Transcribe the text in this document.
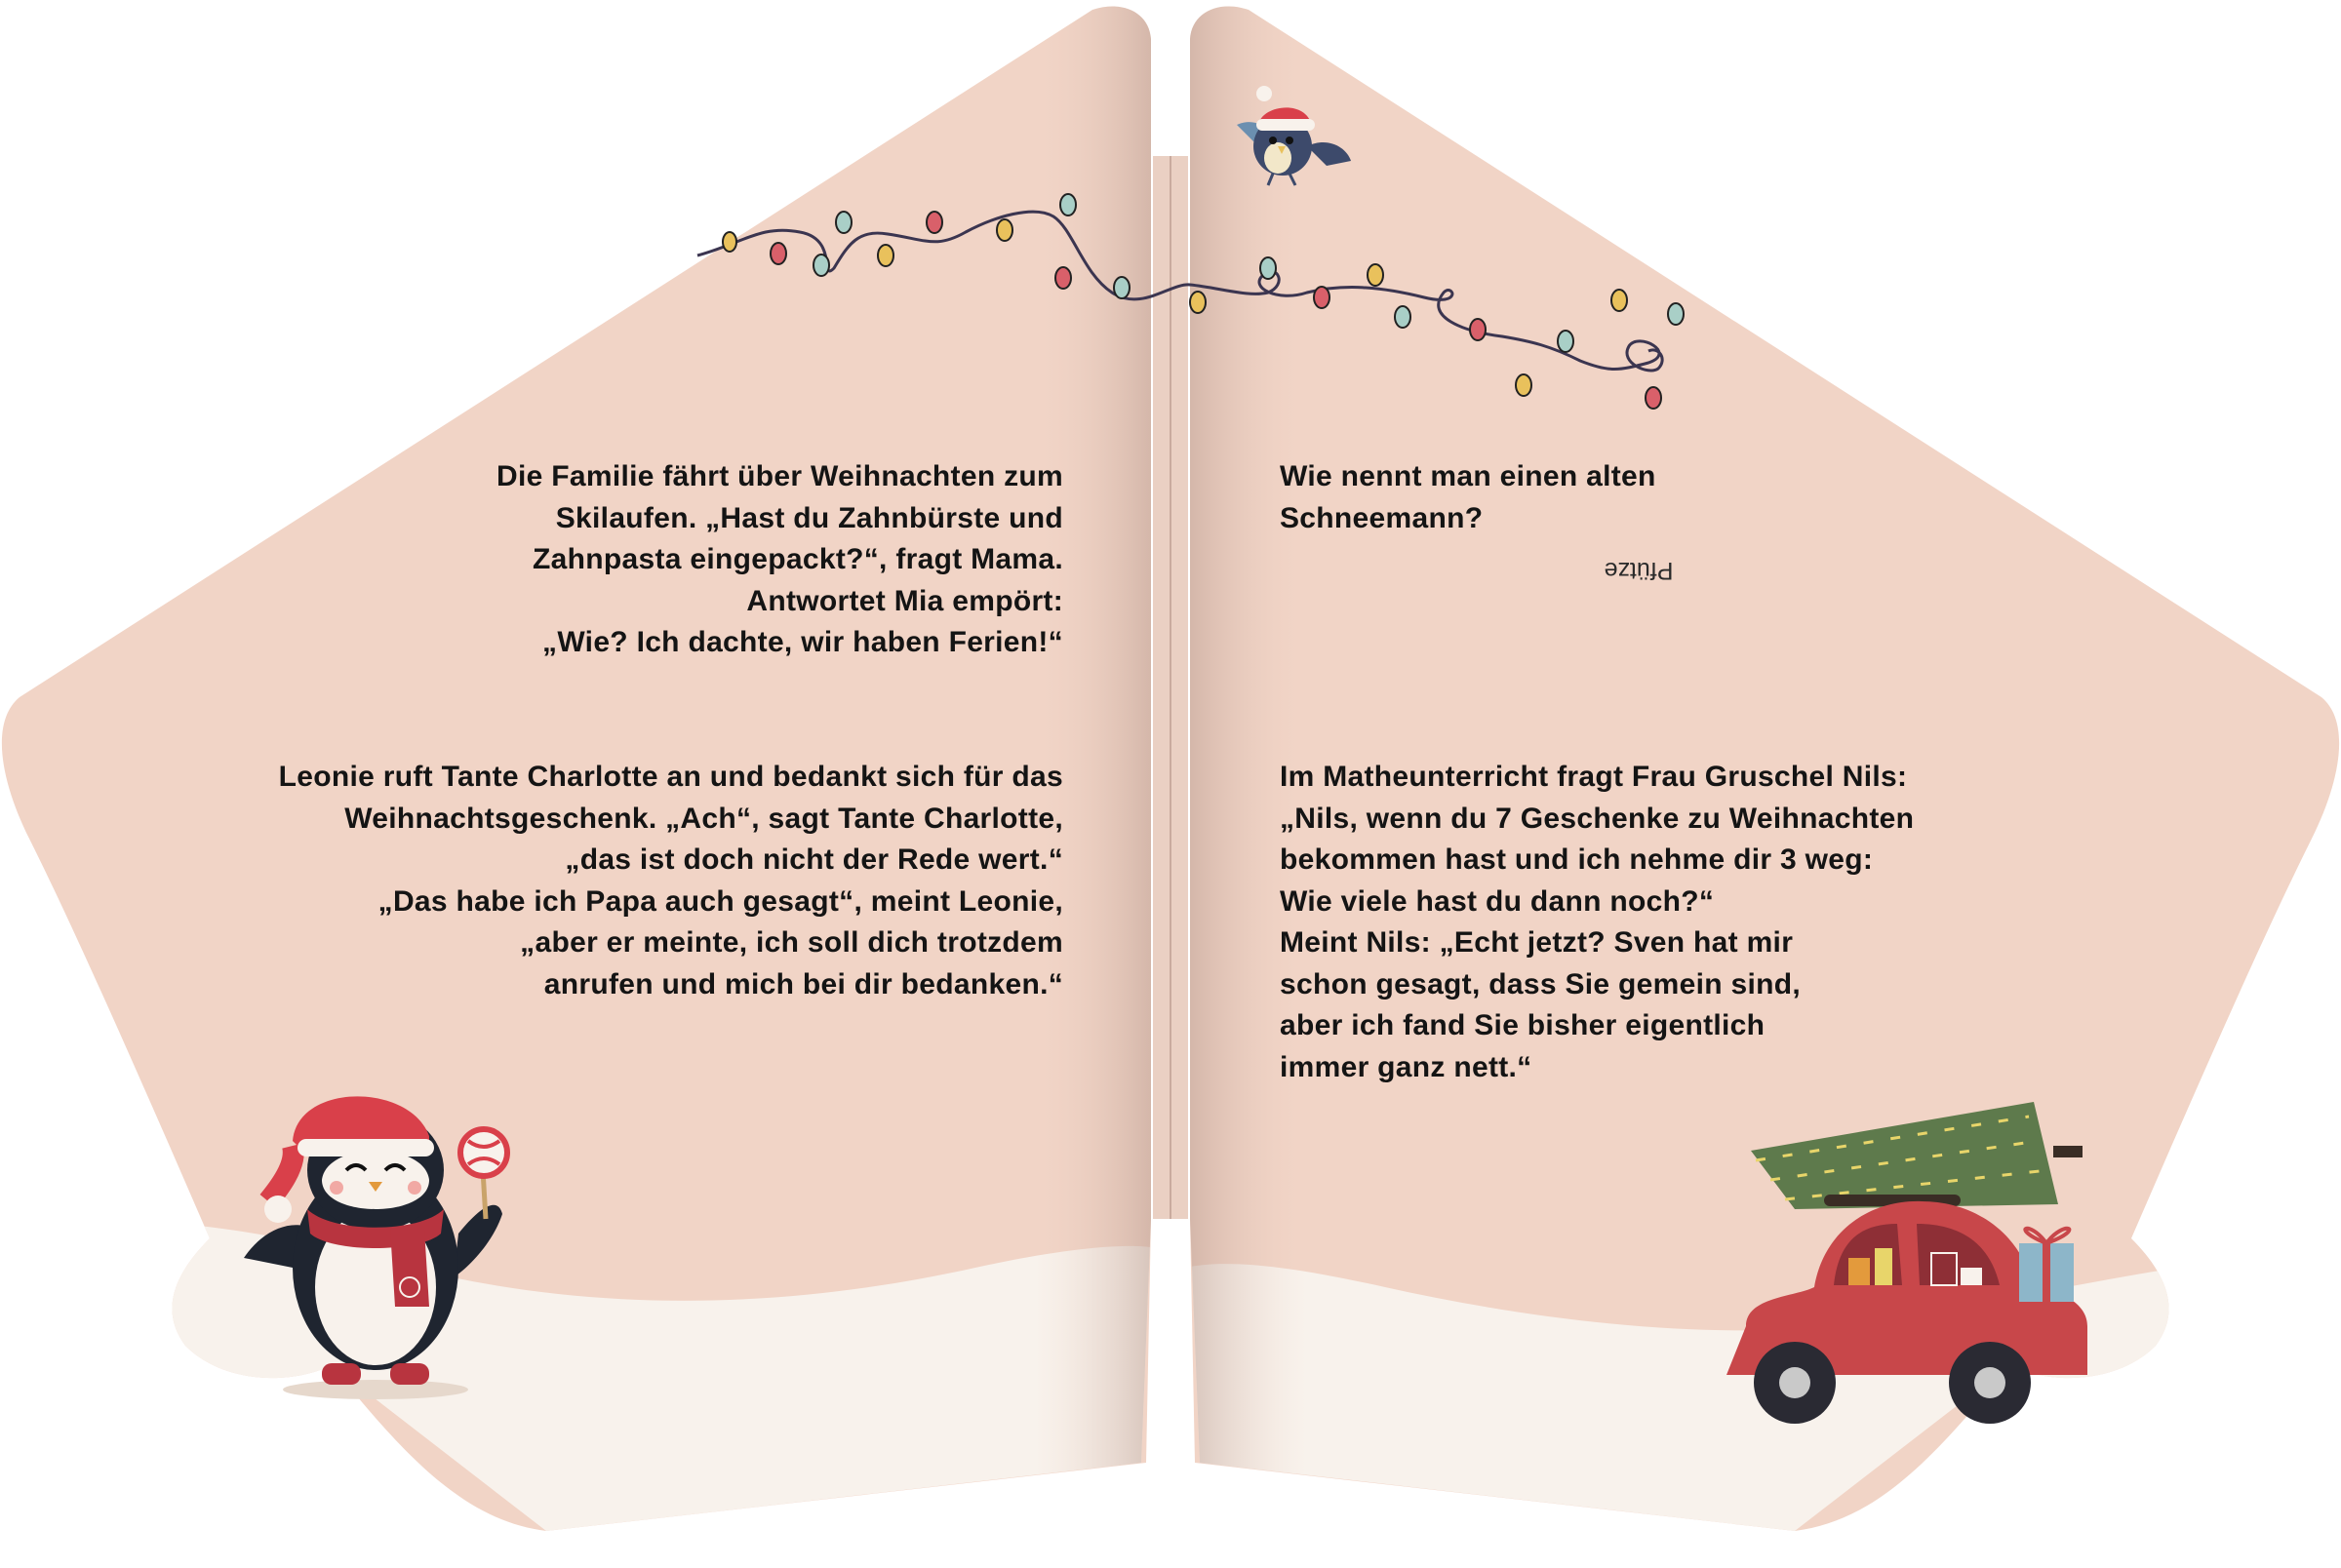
Die Familie fährt über Weihnachten zum
Skilaufen. „Hast du Zahnbürste und
Zahnpasta eingepackt?“, fragt Mama.
Antwortet Mia empört:
„Wie? Ich dachte, wir haben Ferien!“
Leonie ruft Tante Charlotte an und bedankt sich für das
Weihnachtsgeschenk. „Ach“, sagt Tante Charlotte,
„das ist doch nicht der Rede wert.“
„Das habe ich Papa auch gesagt“, meint Leonie,
„aber er meinte, ich soll dich trotzdem
anrufen und mich bei dir bedanken.“
Wie nennt man einen alten
Schneemann?
Pfütze
Im Matheunterricht fragt Frau Gruschel Nils:
„Nils, wenn du 7 Geschenke zu Weihnachten
bekommen hast und ich nehme dir 3 weg:
Wie viele hast du dann noch?“
Meint Nils: „Echt jetzt? Sven hat mir
schon gesagt, dass Sie gemein sind,
aber ich fand Sie bisher eigentlich
immer ganz nett.“
